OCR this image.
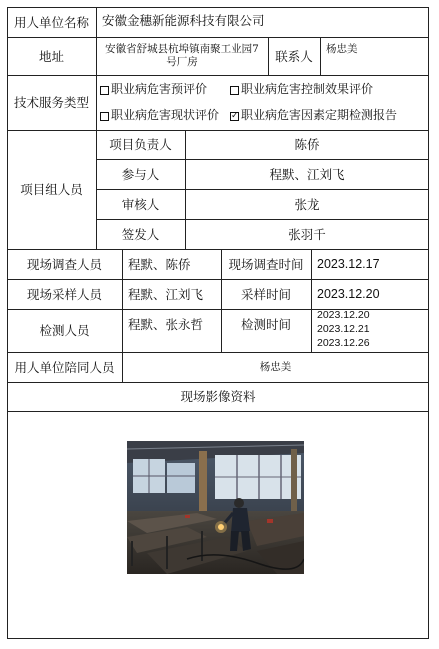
用人单位名称	安徽金穗新能源科技有限公司
地址	安徽省舒城县杭埠镇南聚工业园7号厂房	联系人	杨忠美
技术服务类型
职业病危害预评价	职业病危害控制效果评价
职业病危害现状评价 ✓ 职业病危害因素定期检测报告
项目组人员
项目负责人	陈侨
参与人	程默、江刘飞
审核人	张龙
签发人	张羽千
现场调查人员	程默、陈侨	现场调查时间	2023.12.17
现场采样人员	程默、江刘飞	采样时间	2023.12.20
检测人员	程默、张永哲	检测时间
2023.12.20
2023.12.21
2023.12.26
用人单位陪同人员	杨忠美
现场影像资料
